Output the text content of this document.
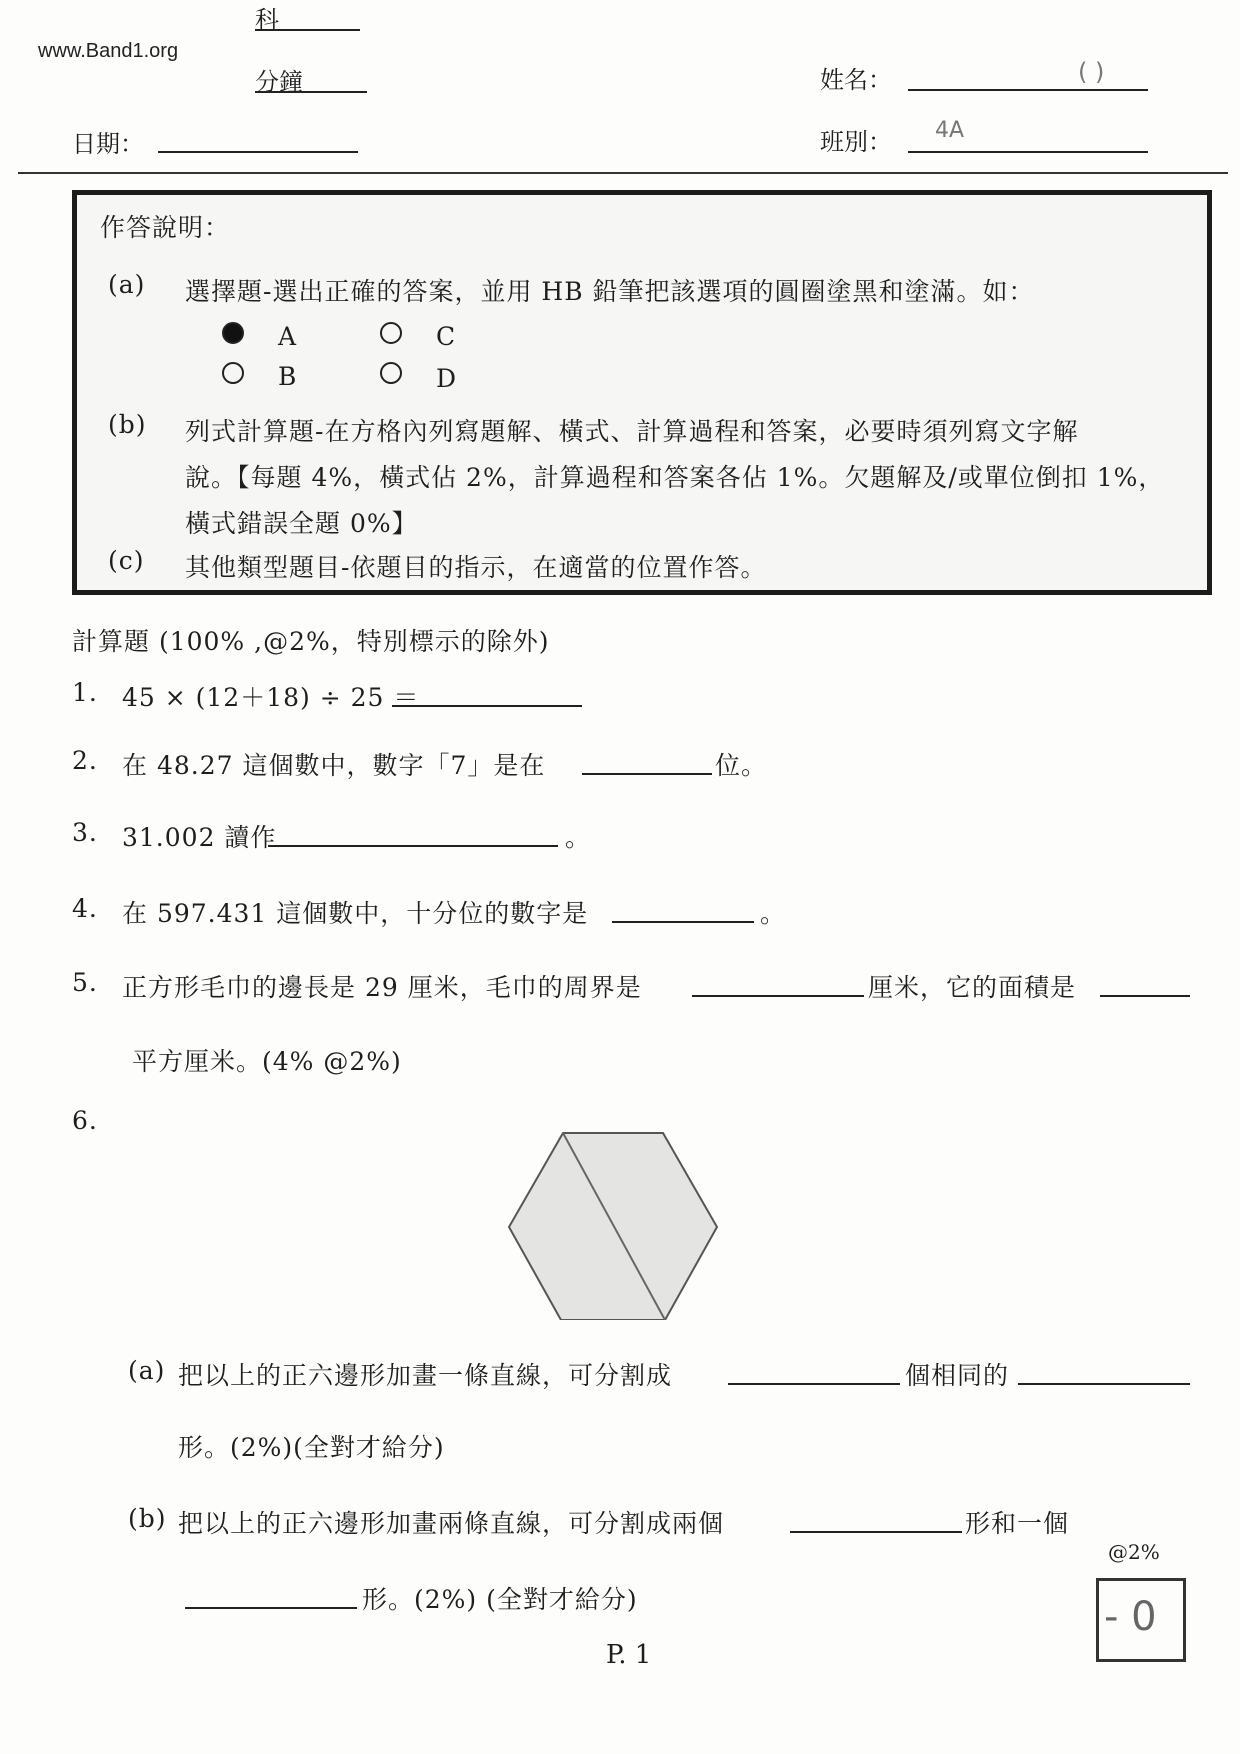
www.Band1.org
科
分鐘	姓名：	( )
日期：	班別： 4A
作答說明：
(a) 選擇題-選出正確的答案，並用 HB 鉛筆把該選項的圓圈塗黑和塗滿。如：
A
B
C
D
(b) 列式計算題-在方格內列寫題解、橫式、計算過程和答案，必要時須列寫文字解
說。【每題 4%，橫式佔 2%，計算過程和答案各佔 1%。欠題解及/或單位倒扣 1%，
橫式錯誤全題 0%】
(c) 其他類型題目-依題目的指示，在適當的位置作答。
計算題 (100% ,@2%，特別標示的除外)
1. 45 × (12＋18) ÷ 25 ＝
2. 在 48.27 這個數中，數字「7」是在	位。
3. 31.002 讀作	。
4. 在 597.431 這個數中，十分位的數字是	。
5. 正方形毛巾的邊長是 29 厘米，毛巾的周界是	厘米，它的面積是
平方厘米。(4% @2%)
6.
(a) 把以上的正六邊形加畫一條直線，可分割成	個相同的
形。(2%)(全對才給分)
(b) 把以上的正六邊形加畫兩條直線，可分割成兩個	形和一個
形。(2%) (全對才給分)
@2%
- 0
P. 1
